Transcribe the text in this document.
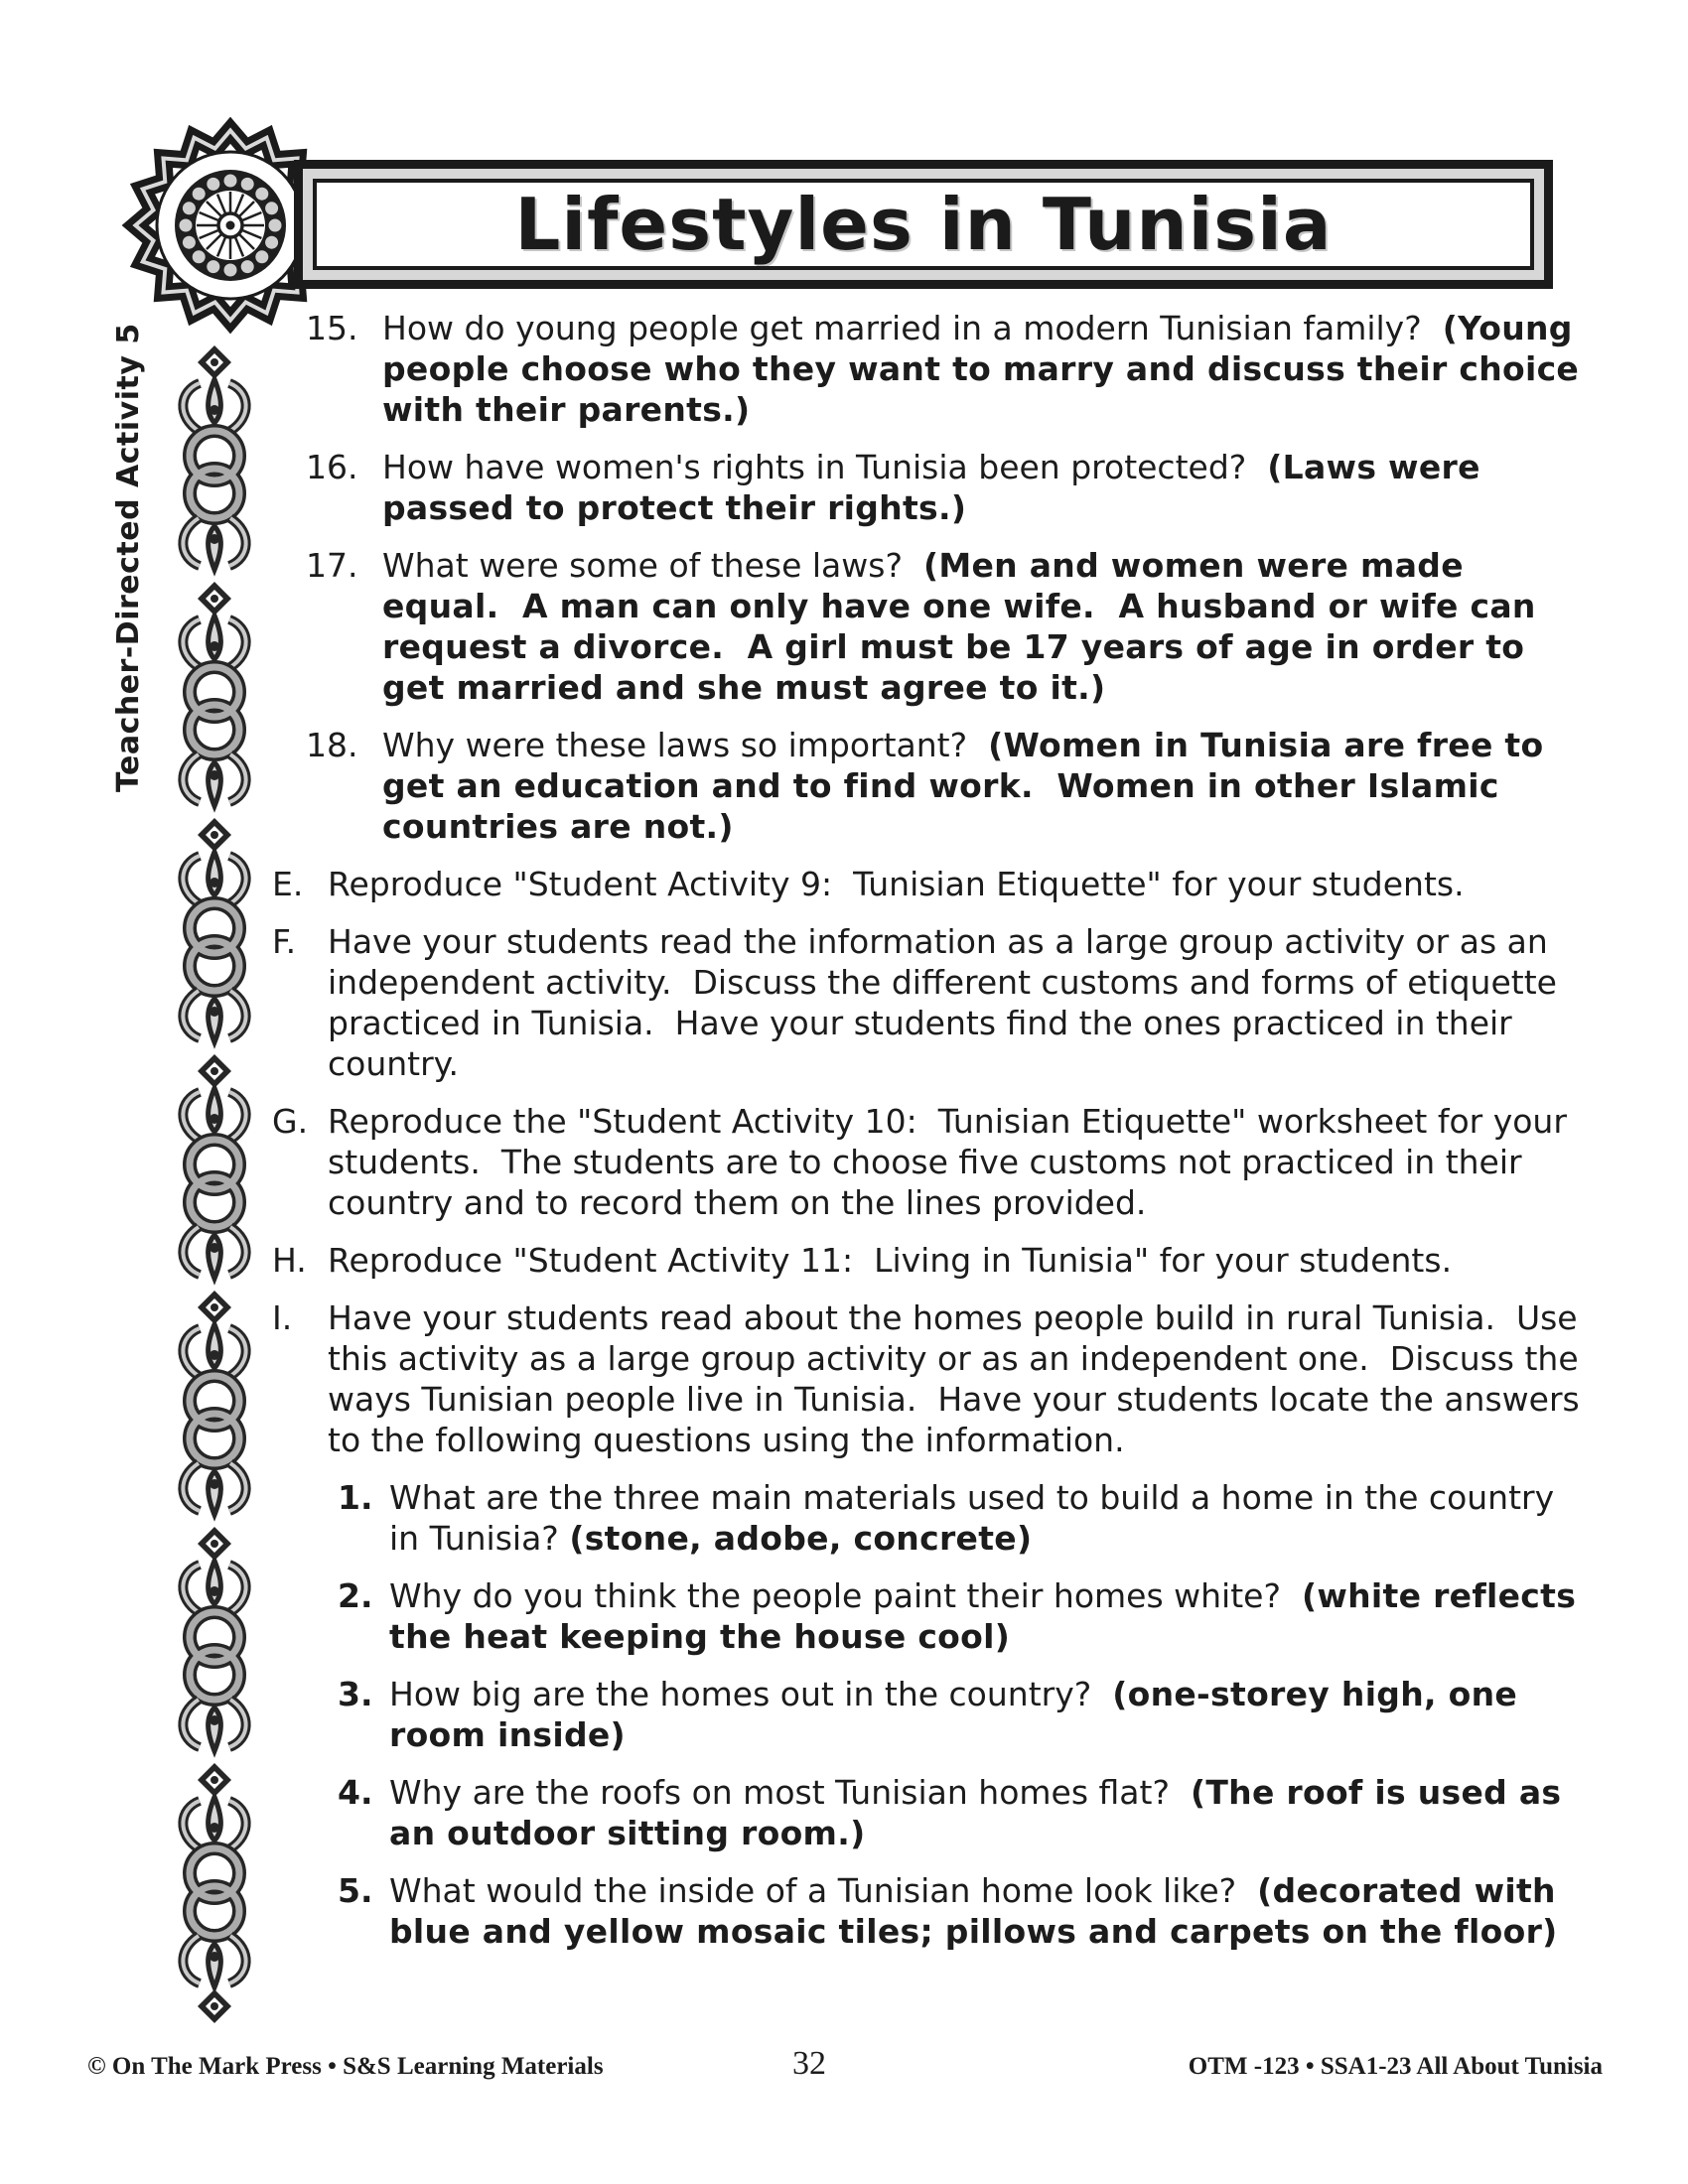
Lifestyles in Tunisia
Teacher-Directed Activity 5	15. How do young people get married in a modern Tunisian family?  (Young people choose who they want to marry and discuss their choice with their parents.)

16. How have women's rights in Tunisia been protected?  (Laws were passed to protect their rights.)

17. What were some of these laws?  (Men and women were made equal.  A man can only have one wife.  A husband or wife can request a divorce.  A girl must be 17 years of age in order to get married and she must agree to it.)

18. Why were these laws so important?  (Women in Tunisia are free to get an education and to find work.  Women in other Islamic countries are not.)

E. Reproduce "Student Activity 9:  Tunisian Etiquette" for your students.

F. Have your students read the information as a large group activity or as an independent activity.  Discuss the different customs and forms of etiquette practiced in Tunisia.  Have your students find the ones practiced in their country.

G. Reproduce the "Student Activity 10:  Tunisian Etiquette" worksheet for your students.  The students are to choose five customs not practiced in their country and to record them on the lines provided.

H. Reproduce "Student Activity 11:  Living in Tunisia" for your students.

I.	Have your students read about the homes people build in rural Tunisia.  Use this activity as a large group activity or as an independent one.  Discuss the ways Tunisian people live in Tunisia.  Have your students locate the answers to the following questions using the information.

1. What are the three main materials used to build a home in the country in Tunisia? (stone, adobe, concrete)

2. Why do you think the people paint their homes white?  (white reflects the heat keeping the house cool)

3. How big are the homes out in the country?  (one-storey high, one room inside)

4. Why are the roofs on most Tunisian homes flat?  (The roof is used as an outdoor sitting room.)

5. What would the inside of a Tunisian home look like?  (decorated with blue and yellow mosaic tiles; pillows and carpets on the floor)

© On The Mark Press • S&S Learning Materials	32	OTM -123 • SSA1-23 All About Tunisia
